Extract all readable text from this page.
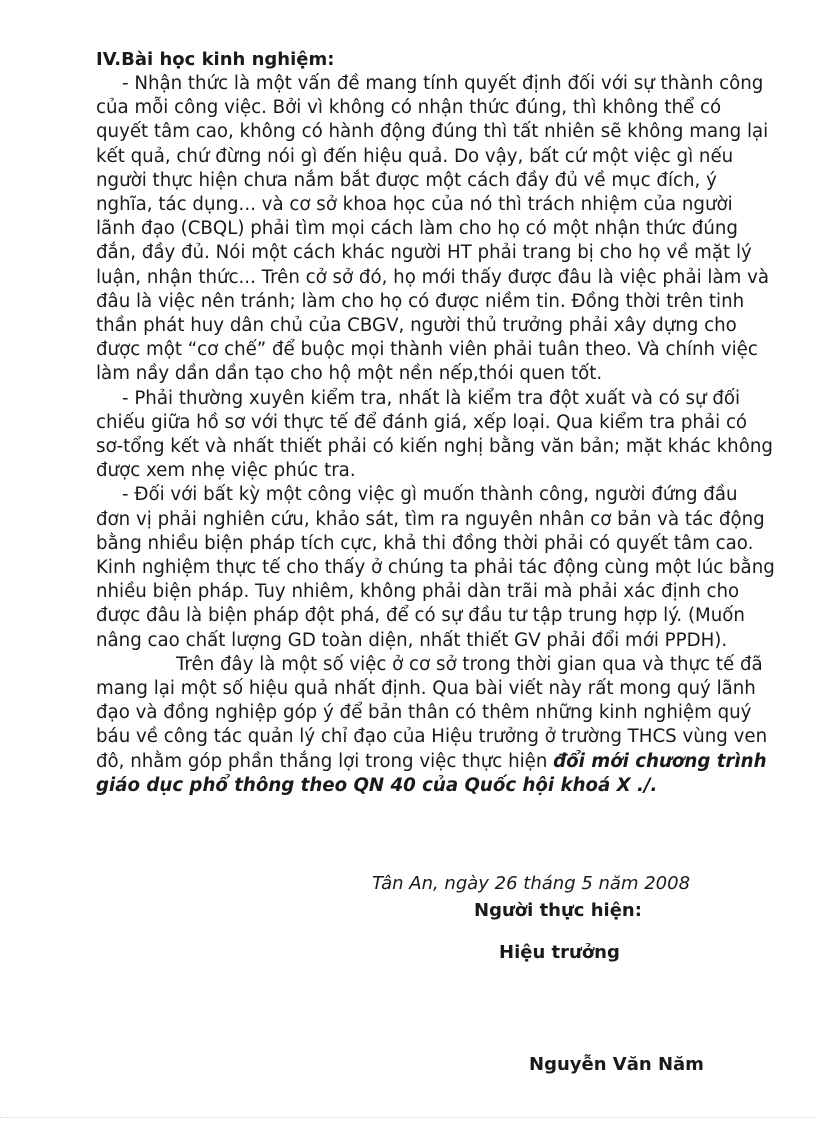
IV.Bài học kinh nghiệm:

- Nhận thức là một vấn đề mang tính quyết định đối với sự thành công của mỗi công việc. Bởi vì không có nhận thức đúng, thì không thể có quyết tâm cao, không có hành động đúng thì tất nhiên sẽ không mang lại kết quả, chứ đừng nói gì đến hiệu quả. Do vậy, bất cứ một việc gì nếu người thực hiện chưa nắm bắt được một cách đầy đủ về mục đích, ý nghĩa, tác dụng... và cơ sở khoa học của nó thì trách nhiệm của người lãnh đạo (CBQL) phải tìm mọi cách làm cho họ có một nhận thức đúng đắn, đầy đủ. Nói một cách khác người HT phải trang bị cho họ về mặt lý luận, nhận thức... Trên cở sở đó, họ mới thấy được đâu là việc phải làm và đâu là việc nên tránh; làm cho họ có được niềm tin. Đồng thời trên tinh thần phát huy dân chủ của CBGV, người thủ trưởng phải xây dựng cho được một “cơ chế” để buộc mọi thành viên phải tuân theo. Và chính việc làm nầy dần dần tạo cho hộ một nền nếp,thói quen tốt.

- Phải thường xuyên kiểm tra, nhất là kiểm tra đột xuất và có sự đối chiếu giữa hồ sơ với thực tế để đánh giá, xếp loại. Qua kiểm tra phải có sơ-tổng kết và nhất thiết phải có kiến nghị bằng văn bản; mặt khác không được xem nhẹ việc phúc tra.

- Đối với bất kỳ một công việc gì muốn thành công, người đứng đầu đơn vị phải nghiên cứu, khảo sát, tìm ra nguyên nhân cơ bản và tác động bằng nhiều biện pháp tích cực, khả thi đồng thời phải có quyết tâm cao. Kinh nghiệm thực tế cho thấy ở chúng ta phải tác động cùng một lúc bằng nhiều biện pháp. Tuy nhiêm, không phải dàn trãi mà phải xác định cho được đâu là biện pháp đột phá, để có sự đầu tư tập trung hợp lý. (Muốn nâng cao chất lượng GD toàn diện, nhất thiết GV phải đổi mới PPDH).

Trên đây là một số việc ở cơ sở trong thời gian qua và thực tế đã mang lại một số hiệu quả nhất định. Qua bài viết này rất mong quý lãnh đạo và đồng nghiệp góp ý để bản thân có thêm những kinh nghiệm quý báu về công tác quản lý chỉ đạo của Hiệu trưởng ở trường THCS vùng ven đô, nhằm góp phần thắng lợi trong việc thực hiện đổi mới chương trình giáo dục phổ thông theo QN 40 của Quốc hội khoá X ./.

Tân An, ngày 26 tháng 5 năm 2008
Người thực hiện:
Hiệu trưởng
Nguyễn Văn Năm
